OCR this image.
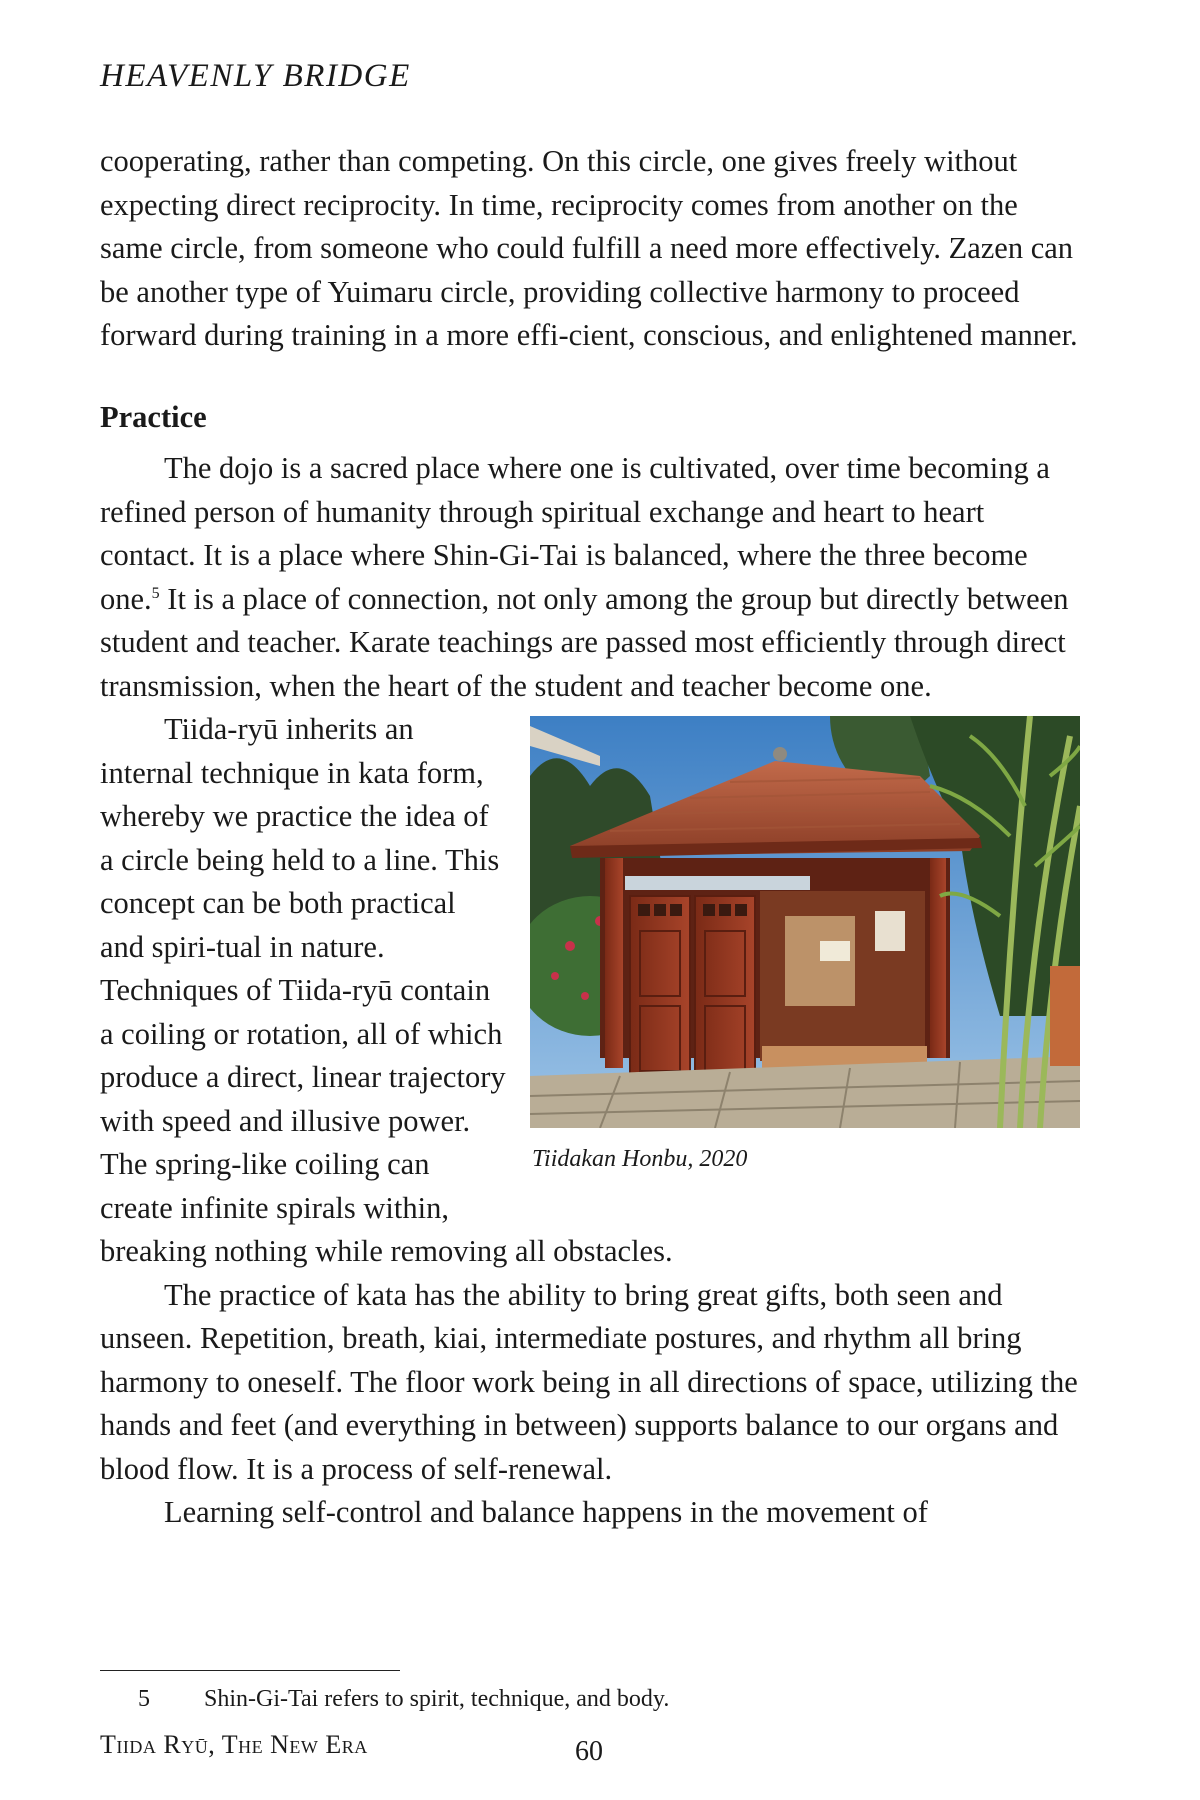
HEAVENLY BRIDGE

cooperating, rather than competing. On this circle, one gives freely without expecting direct reciprocity. In time, reciprocity comes from another on the same circle, from someone who could fulfill a need more effectively. Zazen can be another type of Yuimaru circle, providing collective harmony to proceed forward during training in a more effi-cient, conscious, and enlightened manner.

Practice

The dojo is a sacred place where one is cultivated, over time becoming a refined person of humanity through spiritual exchange and heart to heart contact. It is a place where Shin-Gi-Tai is balanced, where the three become one.$^5$ It is a place of connection, not only among the group but directly between student and teacher. Karate teachings are passed most efficiently through direct transmission, when the heart of the student and teacher become one.

Tiidakan Honbu, 2020

Tiida-ryū inherits an internal technique in kata form, whereby we practice the idea of a circle being held to a line. This concept can be both practical and spiri-tual in nature. Techniques of Tiida-ryū contain a coiling or rotation, all of which produce a direct, linear trajectory with speed and illusive power. The spring-like coiling can create infinite spirals within, breaking nothing while removing all obstacles.

The practice of kata has the ability to bring great gifts, both seen and unseen. Repetition, breath, kiai, intermediate postures, and rhythm all bring harmony to oneself. The floor work being in all directions of space, utilizing the hands and feet (and everything in between) supports balance to our organs and blood flow. It is a process of self-renewal.

Learning self-control and balance happens in the movement of

5 Shin-Gi-Tai refers to spirit, technique, and body.
Tiida Ryū, The New Era	60
